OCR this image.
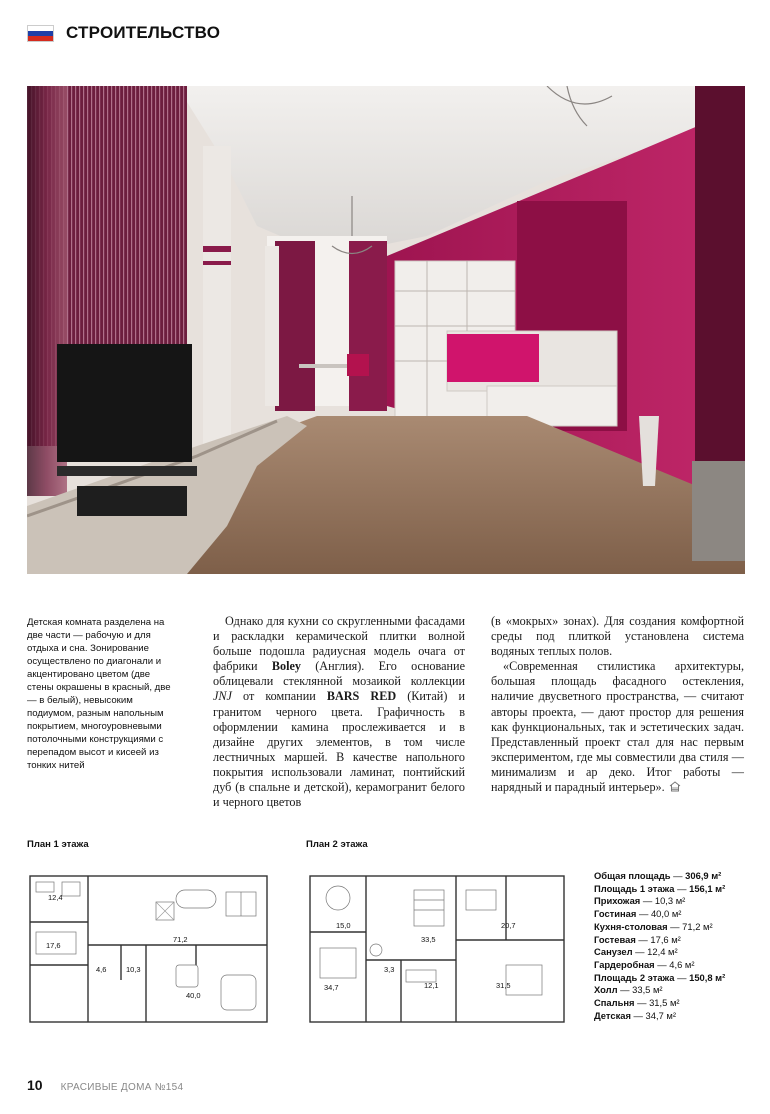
СТРОИТЕЛЬСТВО
Детская комната разделена на две части — рабочую и для отдыха и сна. Зонирование осуществлено по диагонали и акцентировано цветом (две стены окрашены в красный, две — в белый), невысоким подиумом, разным напольным покрытием, многоуровневыми потолочными конструкциями с перепадом высот и кисеей из тонких нитей

Однако для кухни со скругленными фасадами и раскладки керамической плитки волной больше подошла радиусная модель очага от фабрики Boley (Англия). Его основание облицевали стеклянной мозаикой коллекции JNJ от компании BARS RED (Китай) и гранитом черного цвета. Графичность в оформлении камина прослеживается и в дизайне других элементов, в том числе лестничных маршей. В качестве напольного покрытия использовали ламинат, понтийский дуб (в спальне и детской), керамогранит белого и черного цветов

(в «мокрых» зонах). Для создания комфортной среды под плиткой установлена система водяных теплых полов.

«Современная стилистика архитектуры, большая площадь фасадного остекления, наличие двусветного пространства, — считают авторы проекта, — дают простор для решения как функциональных, так и эстетических задач. Представленный проект стал для нас первым экспериментом, где мы совместили два стиля — минимализм и ар деко. Итог работы — нарядный и парадный интерьер».

План 1 этажа	План 2 этажа
12,4
17,6
71,2
4,6	10,3
40,0
15,0
33,5
20,7
34,7
3,3
12,1	31,5
Общая площадь — 306,9 м²
Площадь 1 этажа — 156,1 м²
Прихожая — 10,3 м²
Гостиная — 40,0 м²
Кухня-столовая — 71,2 м²
Гостевая — 17,6 м²
Санузел — 12,4 м²
Гардеробная — 4,6 м²
Площадь 2 этажа — 150,8 м²
Холл — 33,5 м²
Спальня — 31,5 м²
Детская — 34,7 м²
10 КРАСИВЫЕ ДОМА №154
